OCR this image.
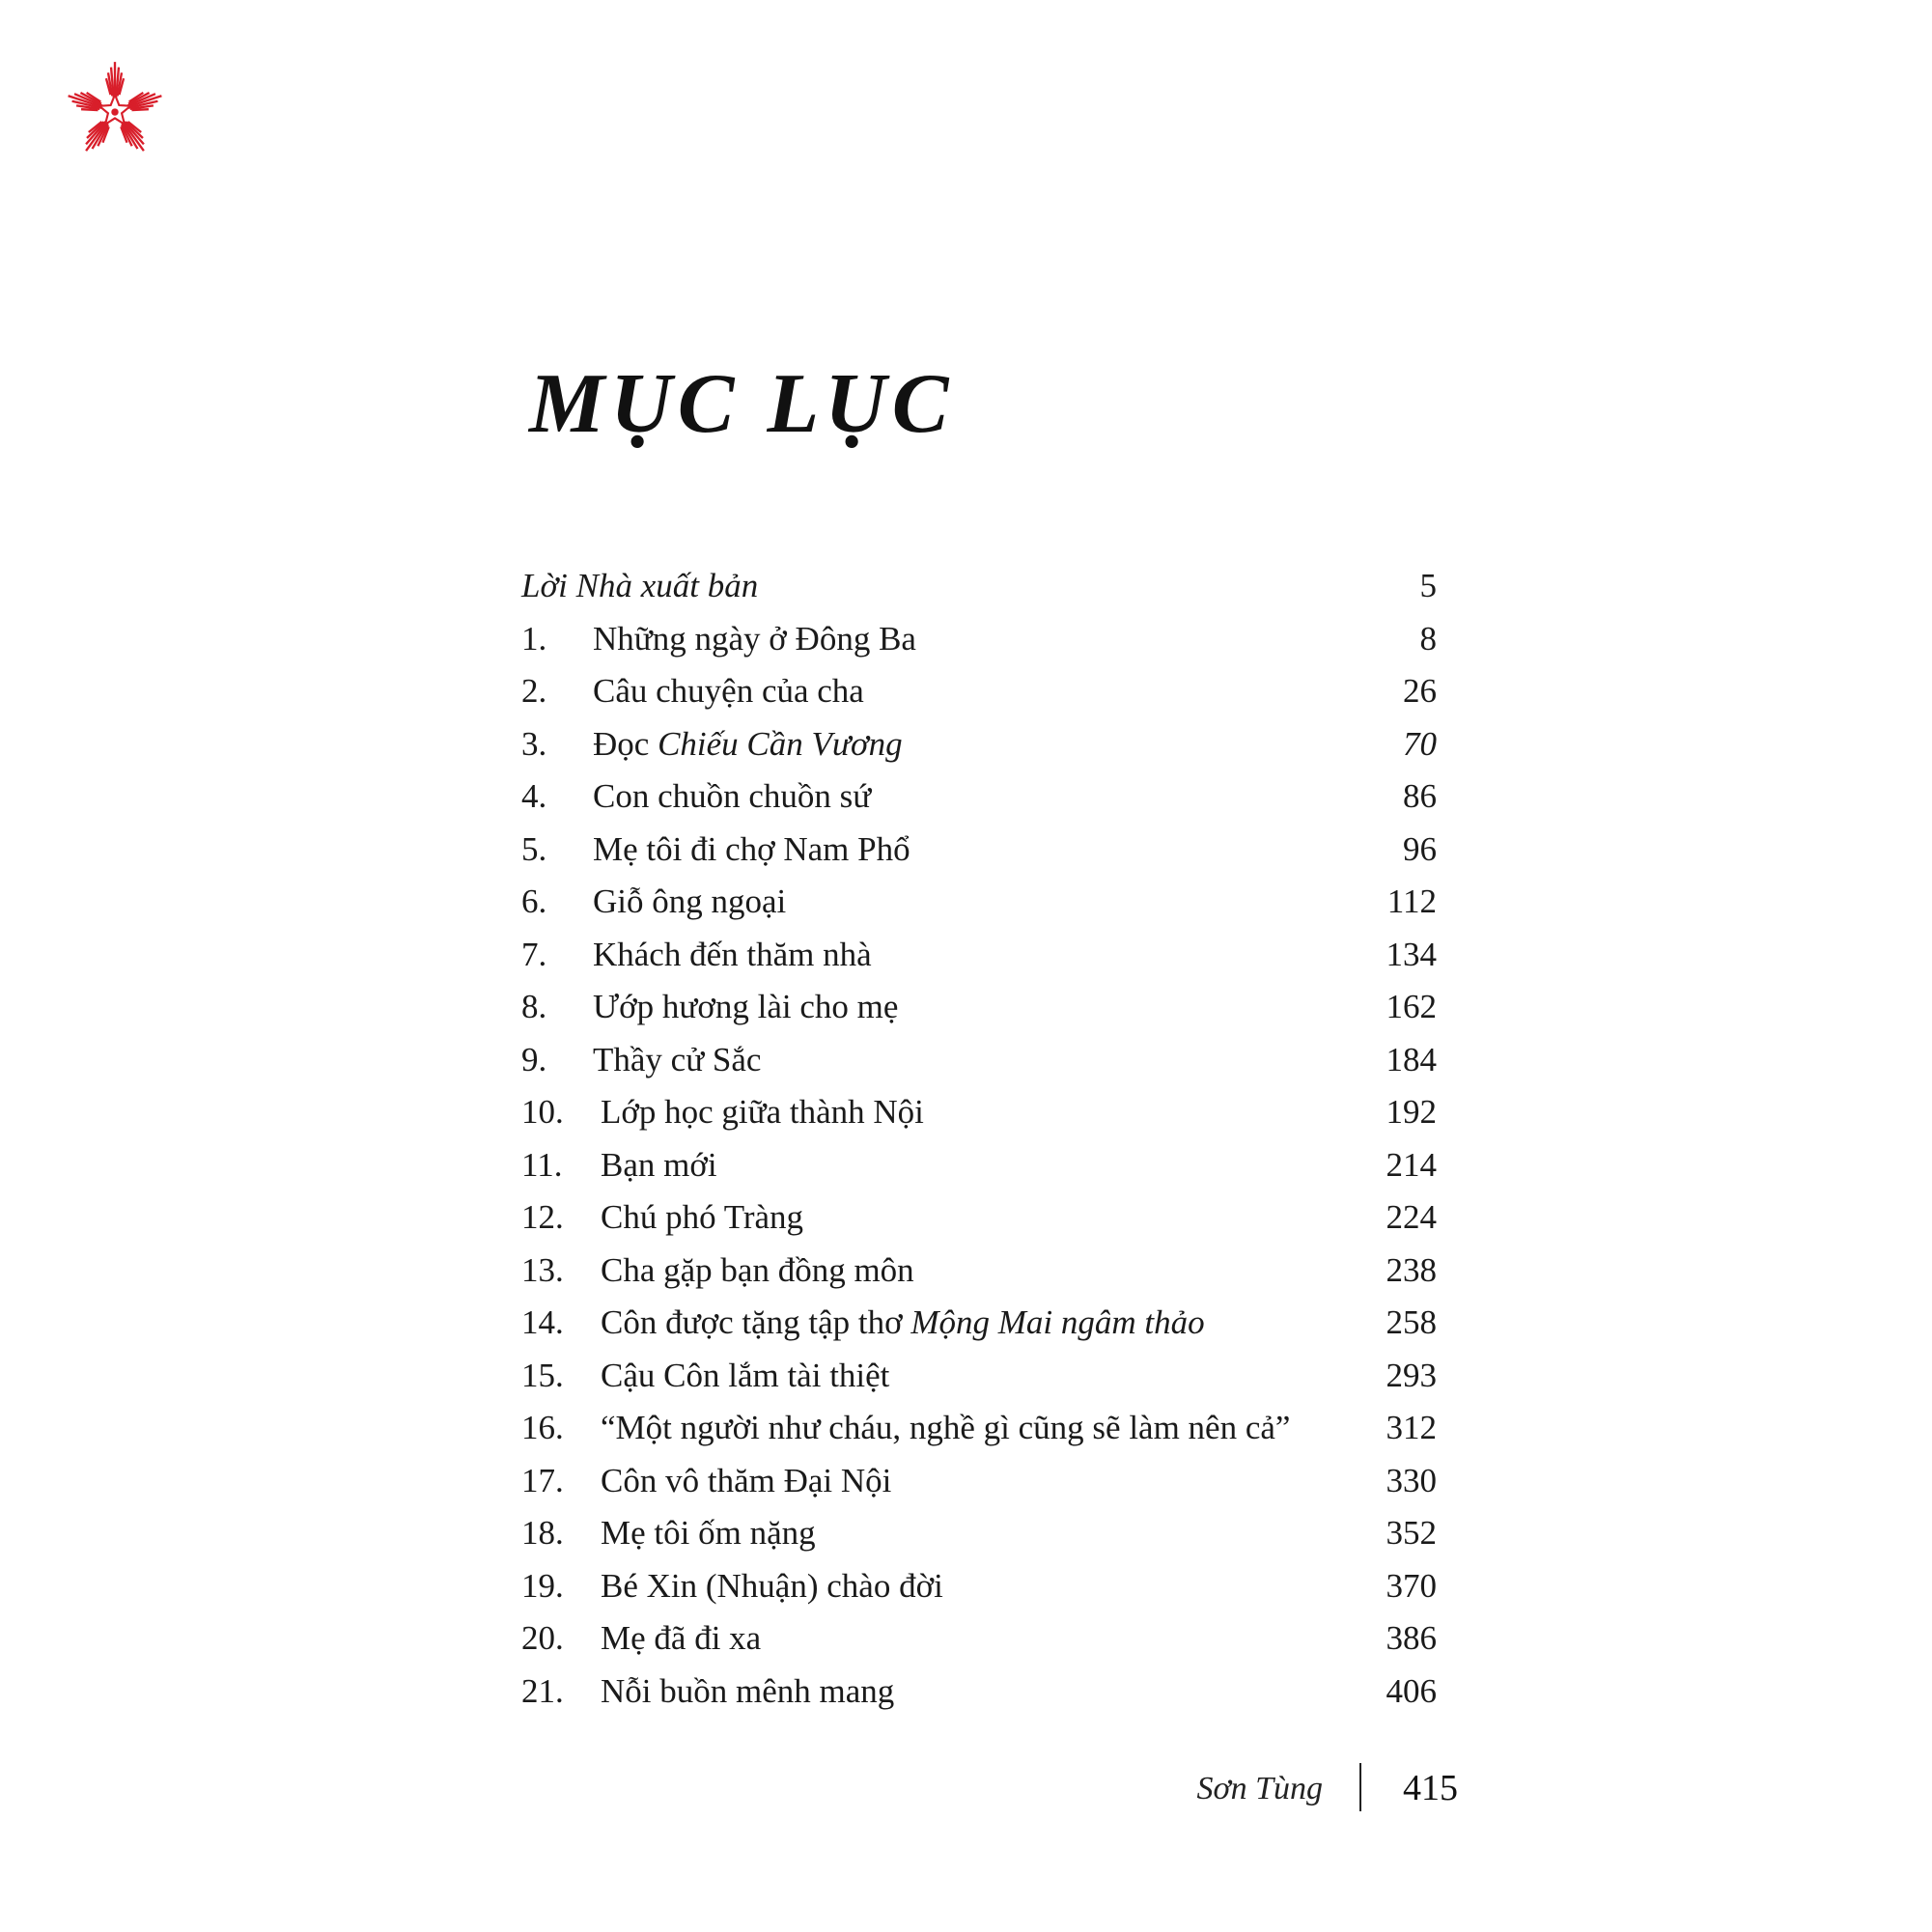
MỤC LỤC
Lời Nhà xuất bản	5
1. Những ngày ở Đông Ba	8
2. Câu chuyện của cha	26
3. Đọc Chiếu Cần Vương	70
4. Con chuồn chuồn sứ	86
5. Mẹ tôi đi chợ Nam Phổ	96
6. Giỗ ông ngoại	112
7. Khách đến thăm nhà	134
8. Ướp hương lài cho mẹ	162
9. Thầy cử Sắc	184
10. Lớp học giữa thành Nội	192
11. Bạn mới	214
12. Chú phó Tràng	224
13. Cha gặp bạn đồng môn	238
14. Côn được tặng tập thơ Mộng Mai ngâm thảo	258
15. Cậu Côn lắm tài thiệt	293
16. “Một người như cháu, nghề gì cũng sẽ làm nên cả”	312
17. Côn vô thăm Đại Nội	330
18. Mẹ tôi ốm nặng	352
19. Bé Xin (Nhuận) chào đời	370
20. Mẹ đã đi xa	386
21. Nỗi buồn mênh mang	406
Sơn Tùng 415
